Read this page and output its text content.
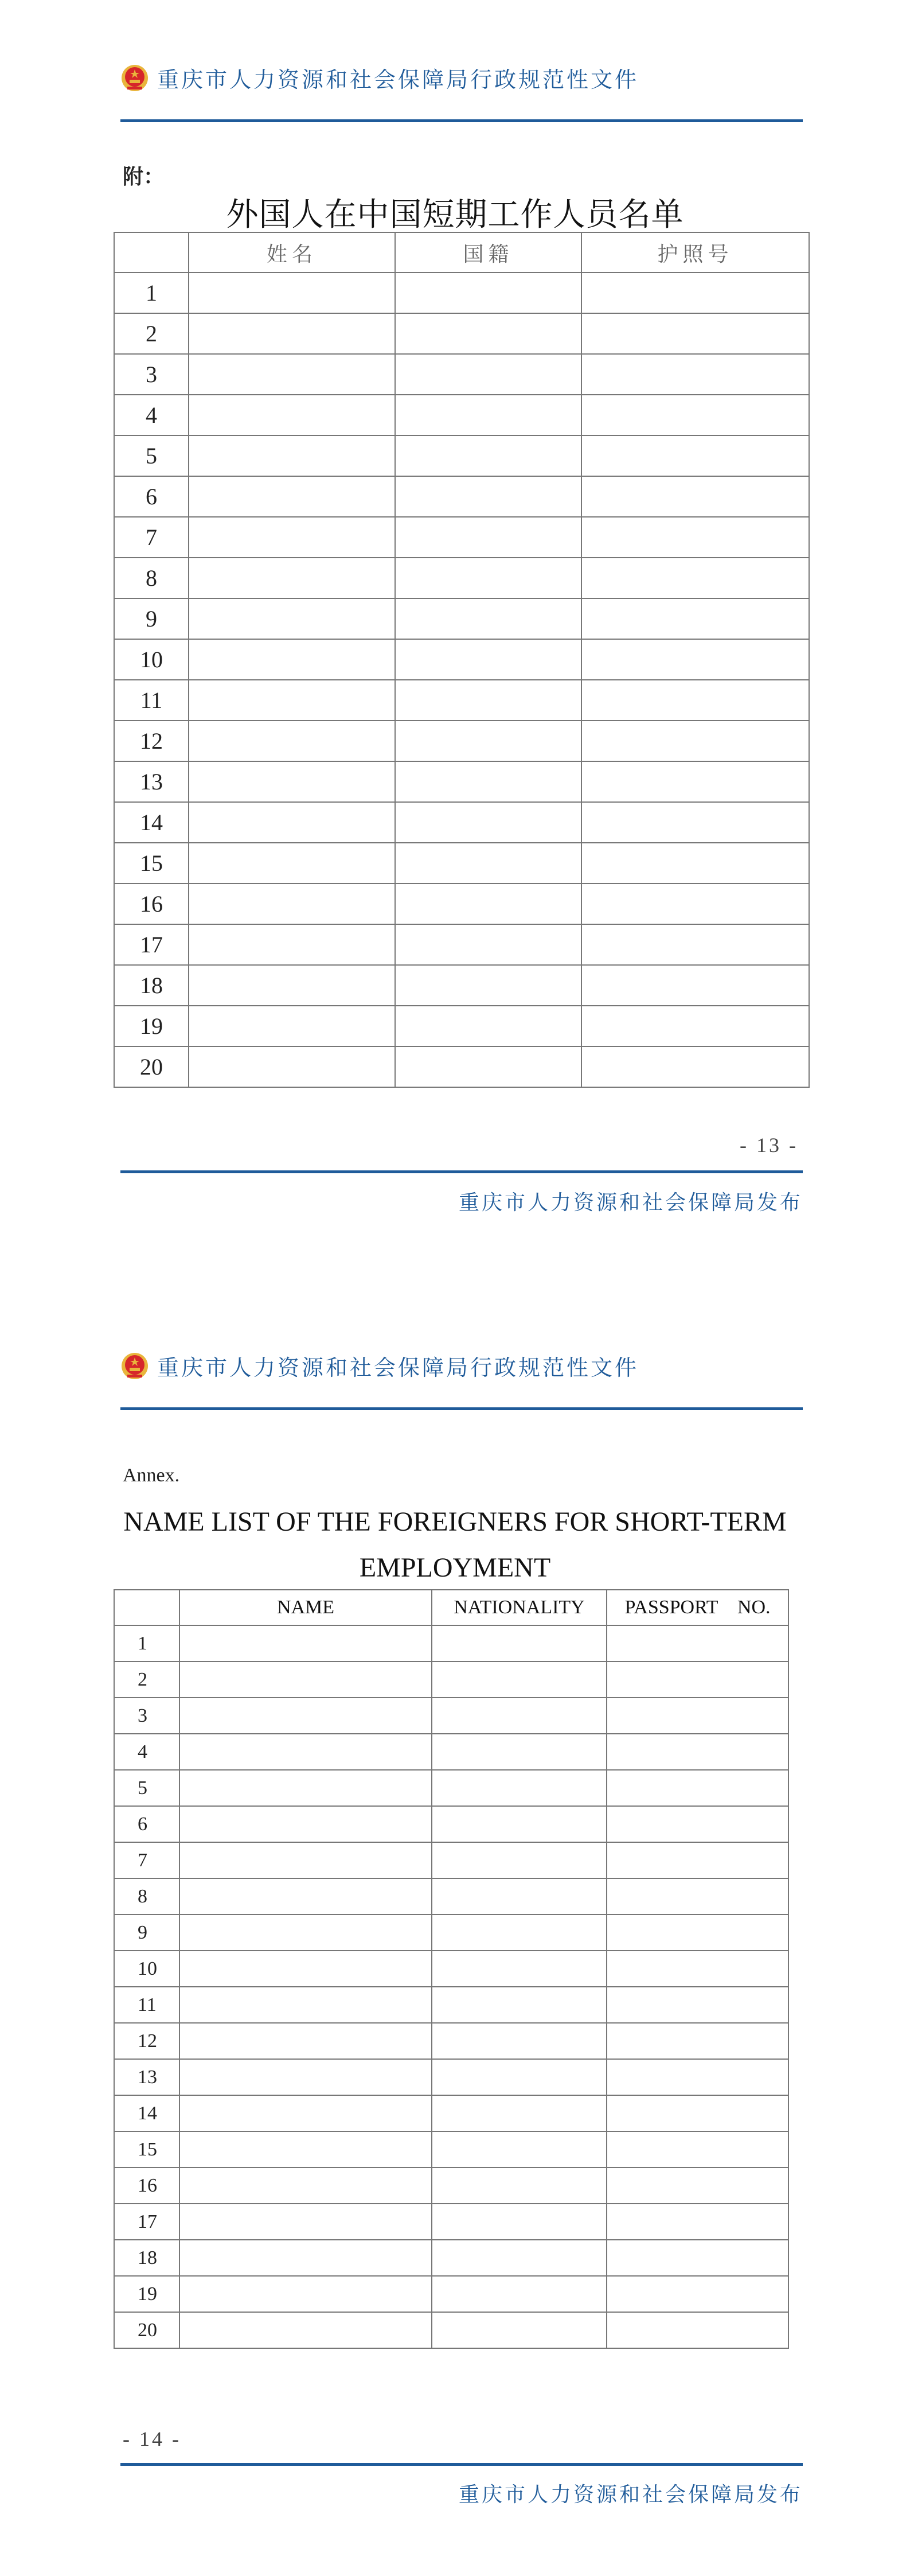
重庆市人力资源和社会保障局行政规范性文件
附：
外国人在中国短期工作人员名单
	姓名	国籍	护照号
1			
2			
3			
4			
5			
6			
7			
8			
9			
10			
11			
12			
13			
14			
15			
16			
17			
18			
19			
20			
- 13 -
重庆市人力资源和社会保障局发布
重庆市人力资源和社会保障局行政规范性文件
Annex.
NAME LIST OF THE FOREIGNERS FOR SHORT-TERM
EMPLOYMENT
	NAME	NATIONALITY	PASSPORT    NO.
1			
2			
3			
4			
5			
6			
7			
8			
9			
10			
11			
12			
13			
14			
15			
16			
17			
18			
19			
20			
- 14 -
重庆市人力资源和社会保障局发布
